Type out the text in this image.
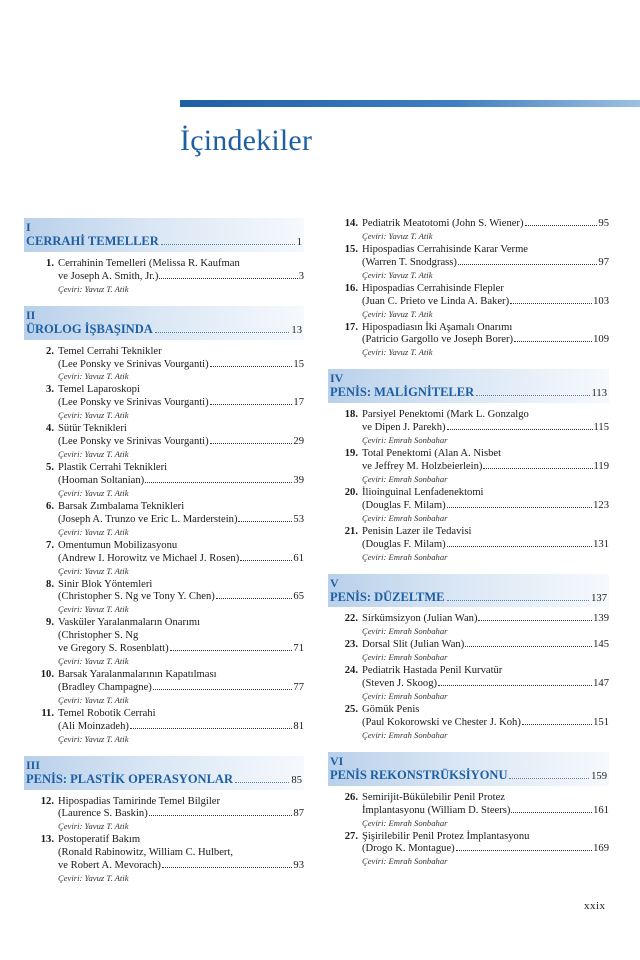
İçindekiler
I
CERRAHİ TEMELLER	1
1. Cerrahinin Temelleri (Melissa R. Kaufman
ve Joseph A. Smith, Jr.)	3
Çeviri: Yavuz T. Atik
II
ÜROLOG İŞBAŞINDA	13
2. Temel Cerrahi Teknikler
(Lee Ponsky ve Srinivas Vourganti)	15
Çeviri: Yavuz T. Atik
3. Temel Laparoskopi
(Lee Ponsky ve Srinivas Vourganti)	17
Çeviri: Yavuz T. Atik
4. Sütür Teknikleri
(Lee Ponsky ve Srinivas Vourganti)	29
Çeviri: Yavuz T. Atik
5. Plastik Cerrahi Teknikleri
(Hooman Soltanian)	39
Çeviri: Yavuz T. Atik
6. Barsak Zımbalama Teknikleri
(Joseph A. Trunzo ve Eric L. Marderstein)	53
Çeviri: Yavuz T. Atik
7. Omentumun Mobilizasyonu
(Andrew I. Horowitz ve Michael J. Rosen)	61
Çeviri: Yavuz T. Atik
8. Sinir Blok Yöntemleri
(Christopher S. Ng ve Tony Y. Chen)	65
Çeviri: Yavuz T. Atik
9. Vasküler Yaralanmaların Onarımı
(Christopher S. Ng
ve Gregory S. Rosenblatt)	71
Çeviri: Yavuz T. Atik
10. Barsak Yaralanmalarının Kapatılması
(Bradley Champagne)	77
Çeviri: Yavuz T. Atik
11. Temel Robotik Cerrahi
(Ali Moinzadeh)	81
Çeviri: Yavuz T. Atik
III
PENİS: PLASTİK OPERASYONLAR	85
12. Hipospadias Tamirinde Temel Bilgiler
(Laurence S. Baskin)	87
Çeviri: Yavuz T. Atik
13. Postoperatif Bakım
(Ronald Rabinowitz, William C. Hulbert,
ve Robert A. Mevorach)	93
Çeviri: Yavuz T. Atik
14. Pediatrik Meatotomi (John S. Wiener)	95
Çeviri: Yavuz T. Atik
15. Hipospadias Cerrahisinde Karar Verme
(Warren T. Snodgrass)	97
Çeviri: Yavuz T. Atik
16. Hipospadias Cerrahisinde Flepler
(Juan C. Prieto ve Linda A. Baker)	103
Çeviri: Yavuz T. Atik
17. Hipospadiasın İki Aşamalı Onarımı
(Patricio Gargollo ve Joseph Borer)	109
Çeviri: Yavuz T. Atik
IV
PENİS: MALİGNİTELER	113
18. Parsiyel Penektomi (Mark L. Gonzalgo
ve Dipen J. Parekh)	115
Çeviri: Emrah Sonbahar
19. Total Penektomi (Alan A. Nisbet
ve Jeffrey M. Holzbeierlein)	119
Çeviri: Emrah Sonbahar
20. İlioinguinal Lenfadenektomi
(Douglas F. Milam)	123
Çeviri: Emrah Sonbahar
21. Penisin Lazer ile Tedavisi
(Douglas F. Milam)	131
Çeviri: Emrah Sonbahar
V
PENİS: DÜZELTME	137
22. Sirkümsizyon (Julian Wan)	139
Çeviri: Emrah Sonbahar
23. Dorsal Slit (Julian Wan)	145
Çeviri: Emrah Sonbahar
24. Pediatrik Hastada Penil Kurvatür
(Steven J. Skoog)	147
Çeviri: Emrah Sonbahar
25. Gömük Penis
(Paul Kokorowski ve Chester J. Koh)	151
Çeviri: Emrah Sonbahar
VI
PENİS REKONSTRÜKSİYONU	159
26. Semirijit-Bükülebilir Penil Protez
İmplantasyonu (William D. Steers)	161
Çeviri: Emrah Sonbahar
27. Şişirilebilir Penil Protez İmplantasyonu
(Drogo K. Montague)	169
Çeviri: Emrah Sonbahar
xxix
